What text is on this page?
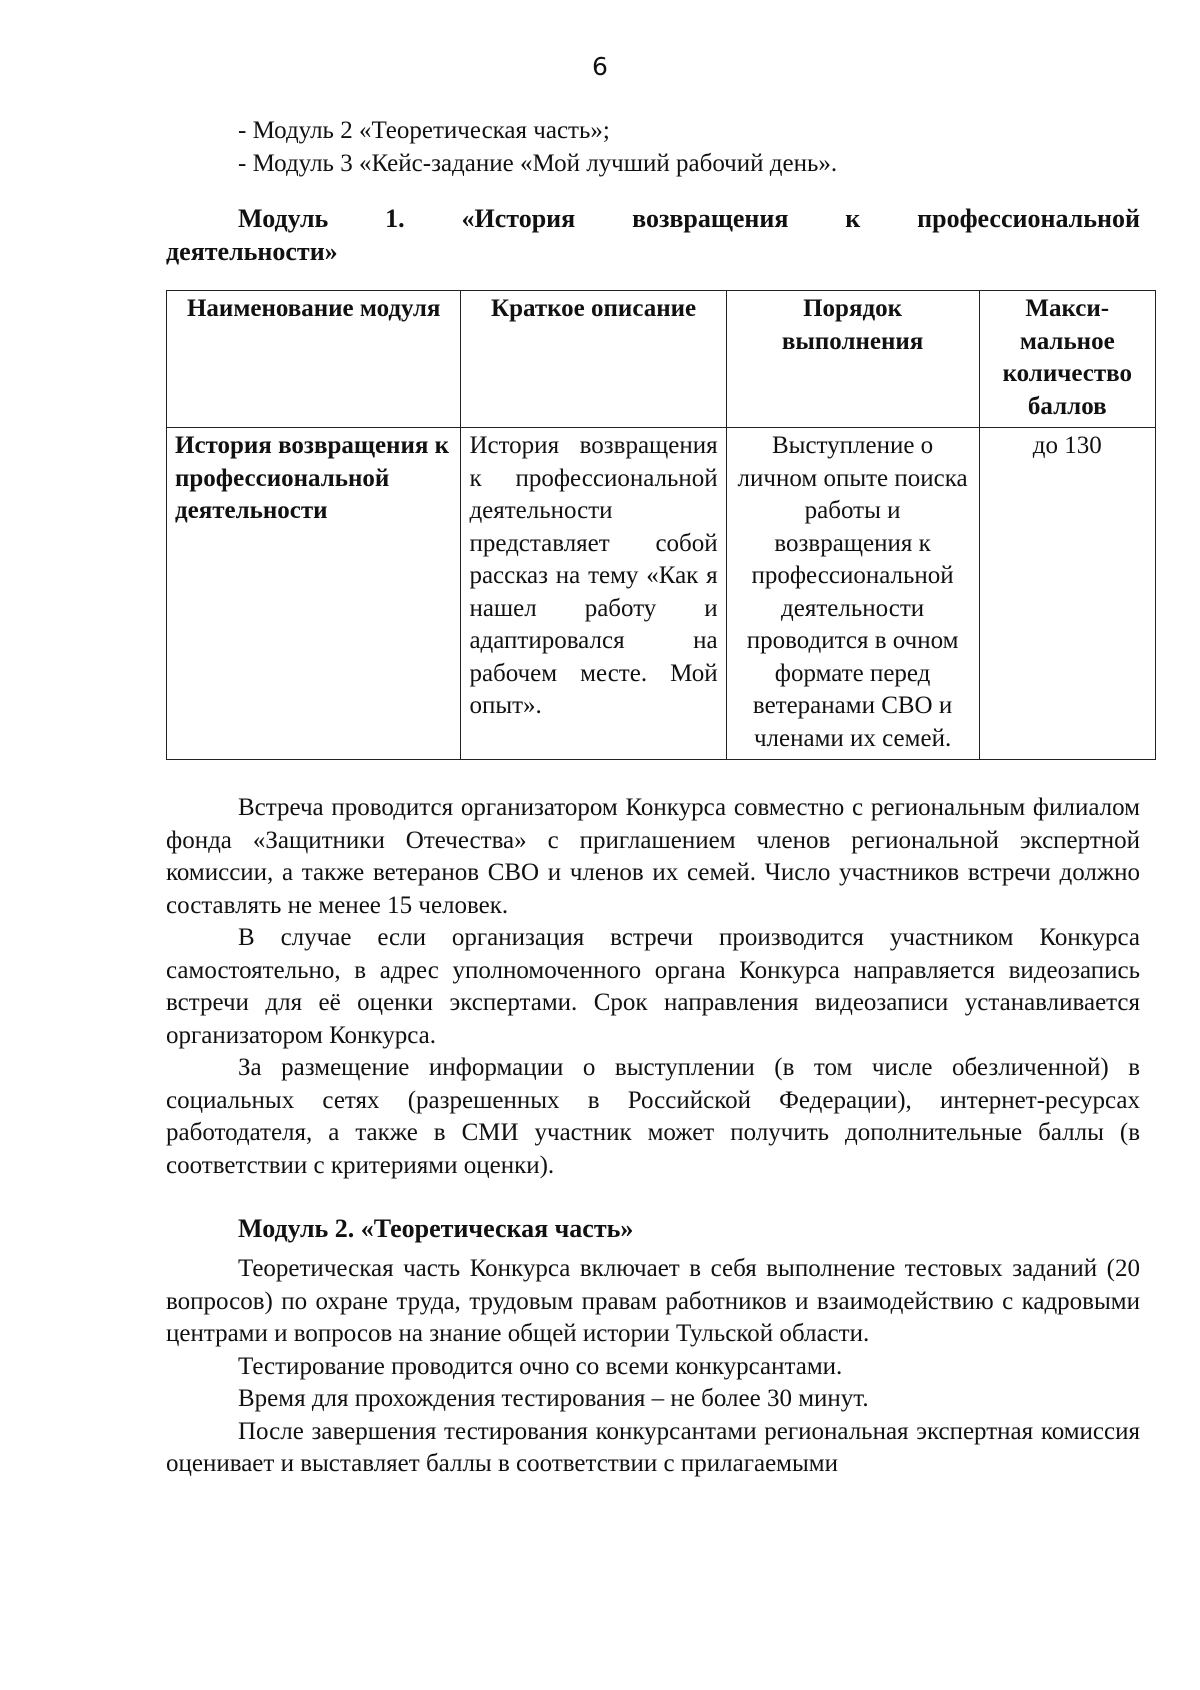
6

- Модуль 2 «Теоретическая часть»;

- Модуль 3 «Кейс-задание «Мой лучший рабочий день».

Модуль 1. «История возвращения к профессиональной
деятельности»
Наименование модуля	Краткое описание	Порядок выполнения	Макси-мальное количество баллов
История возвращения к профессиональной деятельности	История возвращения к профессиональной деятельности представляет собой рассказ на тему «Как я нашел работу и адаптировался на рабочем месте. Мой опыт».	Выступление о личном опыте поиска работы и возвращения к профессиональной деятельности проводится в очном формате перед ветеранами СВО и членами их семей.	до 130

Встреча проводится организатором Конкурса совместно с региональным филиалом фонда «Защитники Отечества» с приглашением членов региональной экспертной комиссии, а также ветеранов СВО и членов их семей. Число участников встречи должно составлять не менее 15 человек.

В случае если организация встречи производится участником Конкурса самостоятельно, в адрес уполномоченного органа Конкурса направляется видеозапись встречи для её оценки экспертами. Срок направления видеозаписи устанавливается организатором Конкурса.

За размещение информации о выступлении (в том числе обезличенной) в социальных сетях (разрешенных в Российской Федерации), интернет-ресурсах работодателя, а также в СМИ участник может получить дополнительные баллы (в соответствии с критериями оценки).

Модуль 2. «Теоретическая часть»

Теоретическая часть Конкурса включает в себя выполнение тестовых заданий (20 вопросов) по охране труда, трудовым правам работников и взаимодействию с кадровыми центрами и вопросов на знание общей истории Тульской области.

Тестирование проводится очно со всеми конкурсантами.

Время для прохождения тестирования – не более 30 минут.

После завершения тестирования конкурсантами региональная экспертная комиссия оценивает и выставляет баллы в соответствии с прилагаемыми
